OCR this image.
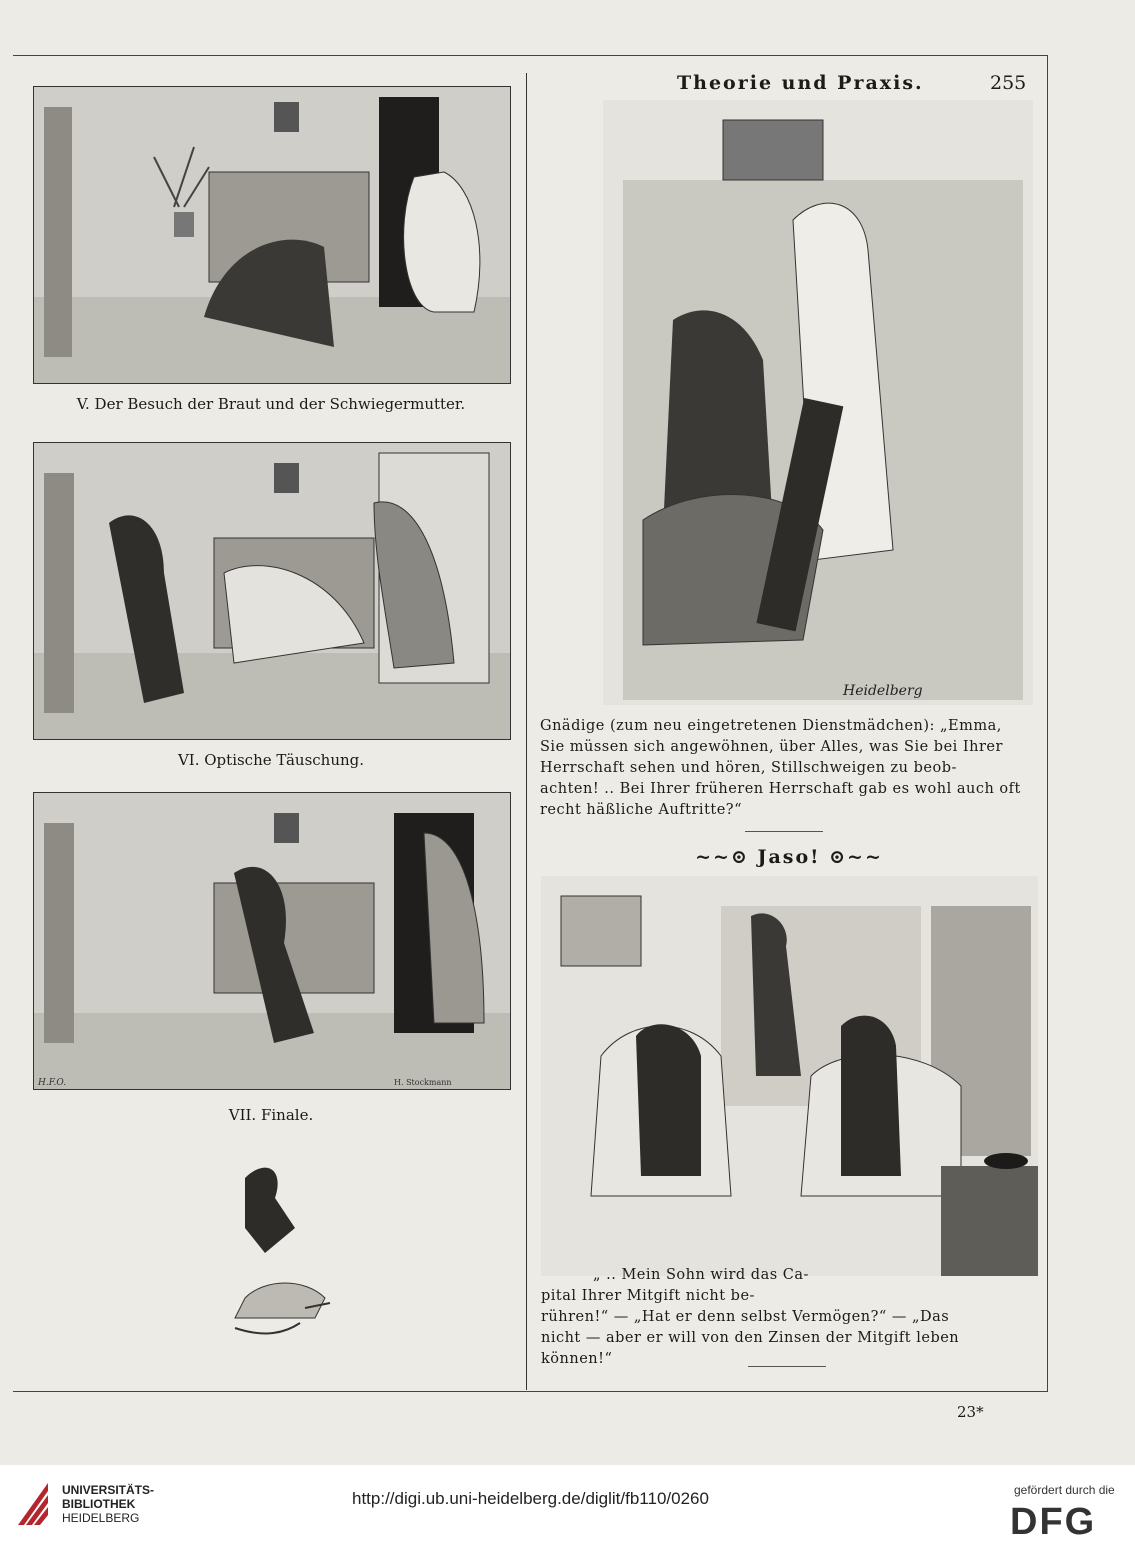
Theorie und Praxis.	255
V. Der Besuch der Braut und der Schwiegermutter.
VI. Optische Täuschung.
H.F.O.	H. Stockmann
VII. Finale.
Heidelberg

Gnädige (zum neu eingetretenen Dienstmädchen): „Emma,

Sie müssen sich angewöhnen, über Alles, was Sie bei Ihrer

Herrschaft sehen und hören, Stillschweigen zu beob-

achten! .. Bei Ihrer früheren Herrschaft gab es wohl auch oft

recht häßliche Auftritte?“

~~⊙ Jaso! ⊙~~

„ .. Mein Sohn wird das Ca-

pital Ihrer Mitgift nicht be-

rühren!“ — „Hat er denn selbst Vermögen?“ — „Das

nicht — aber er will von den Zinsen der Mitgift leben

können!“

23*
UNIVERSITÄTS-
BIBLIOTHEK
HEIDELBERG
http://digi.ub.uni-heidelberg.de/diglit/fb110/0260	gefördert durch die
DFG
